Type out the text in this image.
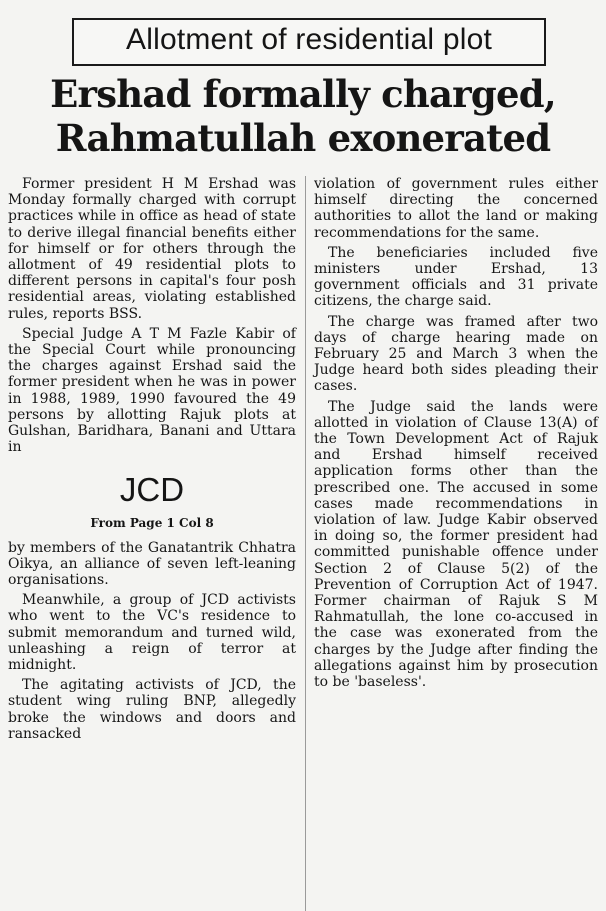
Allotment of residential plot
Ershad formally charged,
Rahmatullah exonerated

Former president H M Ershad was Monday formally charged with corrupt practices while in office as head of state to derive illegal financial benefits either for himself or for others through the allotment of 49 residential plots to different persons in capital's four posh residential areas, violating established rules, reports BSS.

Special Judge A T M Fazle Kabir of the Special Court while pronouncing the charges against Ershad said the former president when he was in power in 1988, 1989, 1990 favoured the 49 persons by allotting Rajuk plots at Gulshan, Baridhara, Banani and Uttara in

JCD
From Page 1 Col 8

by members of the Ganatantrik Chhatra Oikya, an alliance of seven left-leaning organisations.

Meanwhile, a group of JCD activists who went to the VC's residence to submit memorandum and turned wild, unleashing a reign of terror at midnight.

The agitating activists of JCD, the student wing ruling BNP, allegedly broke the windows and doors and ransacked

violation of government rules either himself directing the concerned authorities to allot the land or making recommendations for the same.

The beneficiaries included five ministers under Ershad, 13 government officials and 31 private citizens, the charge said.

The charge was framed after two days of charge hearing made on February 25 and March 3 when the Judge heard both sides pleading their cases.

The Judge said the lands were allotted in violation of Clause 13(A) of the Town Development Act of Rajuk and Ershad himself received application forms other than the prescribed one. The accused in some cases made recommendations in violation of law. Judge Kabir observed in doing so, the former president had committed punishable offence under Section 2 of Clause 5(2) of the Prevention of Corruption Act of 1947. Former chairman of Rajuk S M Rahmatullah, the lone co-accused in the case was exonerated from the charges by the Judge after finding the allegations against him by prosecution to be 'baseless'.
